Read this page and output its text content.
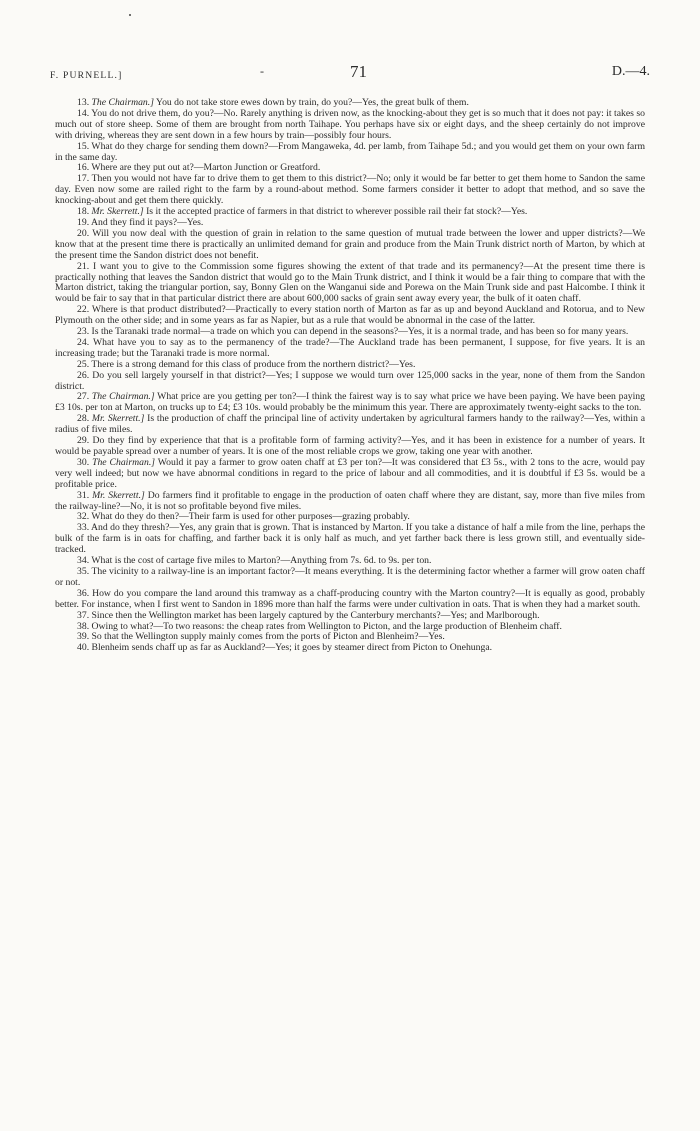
F. PURNELL.]	-	71	D.—4.

13. The Chairman.] You do not take store ewes down by train, do you?—Yes, the great bulk of them.

14. You do not drive them, do you?—No. Rarely anything is driven now, as the knocking-about they get is so much that it does not pay: it takes so much out of store sheep. Some of them are brought from north Taihape. You perhaps have six or eight days, and the sheep certainly do not improve with driving, whereas they are sent down in a few hours by train—possibly four hours.

15. What do they charge for sending them down?—From Mangaweka, 4d. per lamb, from Taihape 5d.; and you would get them on your own farm in the same day.

16. Where are they put out at?—Marton Junction or Greatford.

17. Then you would not have far to drive them to get them to this district?—No; only it would be far better to get them home to Sandon the same day. Even now some are railed right to the farm by a round-about method. Some farmers consider it better to adopt that method, and so save the knocking-about and get them there quickly.

18. Mr. Skerrett.] Is it the accepted practice of farmers in that district to wherever possible rail their fat stock?—Yes.

19. And they find it pays?—Yes.

20. Will you now deal with the question of grain in relation to the same question of mutual trade between the lower and upper districts?—We know that at the present time there is practically an unlimited demand for grain and produce from the Main Trunk district north of Marton, by which at the present time the Sandon district does not benefit.

21. I want you to give to the Commission some figures showing the extent of that trade and its permanency?—At the present time there is practically nothing that leaves the Sandon district that would go to the Main Trunk district, and I think it would be a fair thing to compare that with the Marton district, taking the triangular portion, say, Bonny Glen on the Wanganui side and Porewa on the Main Trunk side and past Halcombe. I think it would be fair to say that in that particular district there are about 600,000 sacks of grain sent away every year, the bulk of it oaten chaff.

22. Where is that product distributed?—Practically to every station north of Marton as far as up and beyond Auckland and Rotorua, and to New Plymouth on the other side; and in some years as far as Napier, but as a rule that would be abnormal in the case of the latter.

23. Is the Taranaki trade normal—a trade on which you can depend in the seasons?—Yes, it is a normal trade, and has been so for many years.

24. What have you to say as to the permanency of the trade?—The Auckland trade has been permanent, I suppose, for five years. It is an increasing trade; but the Taranaki trade is more normal.

25. There is a strong demand for this class of produce from the northern district?—Yes.

26. Do you sell largely yourself in that district?—Yes; I suppose we would turn over 125,000 sacks in the year, none of them from the Sandon district.

27. The Chairman.] What price are you getting per ton?—I think the fairest way is to say what price we have been paying. We have been paying £3 10s. per ton at Marton, on trucks up to £4; £3 10s. would probably be the minimum this year. There are approximately twenty-eight sacks to the ton.

28. Mr. Skerrett.] Is the production of chaff the principal line of activity undertaken by agricultural farmers handy to the railway?—Yes, within a radius of five miles.

29. Do they find by experience that that is a profitable form of farming activity?—Yes, and it has been in existence for a number of years. It would be payable spread over a number of years. It is one of the most reliable crops we grow, taking one year with another.

30. The Chairman.] Would it pay a farmer to grow oaten chaff at £3 per ton?—It was considered that £3 5s., with 2 tons to the acre, would pay very well indeed; but now we have abnormal conditions in regard to the price of labour and all commodities, and it is doubtful if £3 5s. would be a profitable price.

31. Mr. Skerrett.] Do farmers find it profitable to engage in the production of oaten chaff where they are distant, say, more than five miles from the railway-line?—No, it is not so profitable beyond five miles.

32. What do they do then?—Their farm is used for other purposes—grazing probably.

33. And do they thresh?—Yes, any grain that is grown. That is instanced by Marton. If you take a distance of half a mile from the line, perhaps the bulk of the farm is in oats for chaffing, and farther back it is only half as much, and yet farther back there is less grown still, and eventually side-tracked.

34. What is the cost of cartage five miles to Marton?—Anything from 7s. 6d. to 9s. per ton.

35. The vicinity to a railway-line is an important factor?—It means everything. It is the determining factor whether a farmer will grow oaten chaff or not.

36. How do you compare the land around this tramway as a chaff-producing country with the Marton country?—It is equally as good, probably better. For instance, when I first went to Sandon in 1896 more than half the farms were under cultivation in oats. That is when they had a market south.

37. Since then the Wellington market has been largely captured by the Canterbury merchants?—Yes; and Marlborough.

38. Owing to what?—To two reasons: the cheap rates from Wellington to Picton, and the large production of Blenheim chaff.

39. So that the Wellington supply mainly comes from the ports of Picton and Blenheim?—Yes.

40. Blenheim sends chaff up as far as Auckland?—Yes; it goes by steamer direct from Picton to Onehunga.
